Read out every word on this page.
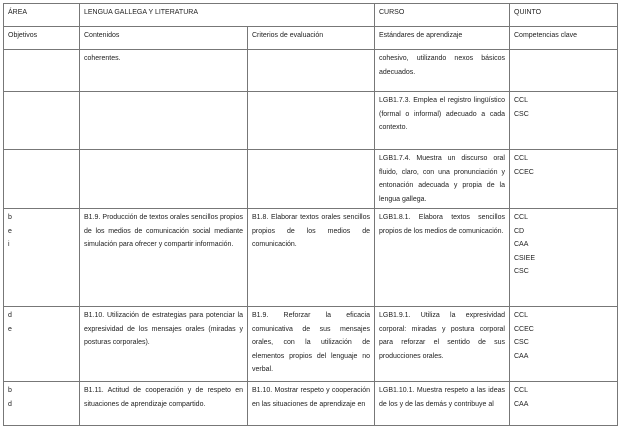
ÁREA	LENGUA GALLEGA Y LITERATURA		CURSO	QUINTO
Objetivos	Contenidos	Criterios de evaluación	Estándares de aprendizaje	Competencias clave
	coherentes.		cohesivo, utilizando nexos básicos adecuados.	
			LGB1.7.3. Emplea el registro lingüístico (formal o informal) adecuado a cada contexto.	CCL
CSC

			LGB1.7.4. Muestra un discurso oral fluido, claro, con una pronunciación y entonación adecuada y propia de la lengua gallega.	CCL
CCEC

b
e
i	B1.9. Producción de textos orales sencillos propios de los medios de comunicación social mediante simulación para ofrecer y compartir información.	B1.8. Elaborar textos orales sencillos propios de los medios de comunicación.	LGB1.8.1. Elabora textos sencillos propios de los medios de comunicación.	CCL
CD
CAA
CSIEE
CSC

d
e	B1.10. Utilización de estrategias para potenciar la expresividad de los mensajes orales (miradas y posturas corporales).	B1.9. Reforzar la eficacia comunicativa de sus mensajes orales, con la utilización de elementos propios del lenguaje no verbal.	LGB1.9.1. Utiliza la expresividad corporal: miradas y postura corporal para reforzar el sentido de sus producciones orales.	CCL
CCEC
CSC
CAA

b
d	B1.11. Actitud de cooperación y de respeto en situaciones de aprendizaje compartido.	B1.10. Mostrar respeto y cooperación en las situaciones de aprendizaje en	LGB1.10.1. Muestra respeto a las ideas de los y de las demás y contribuye al	CCL
CAA
